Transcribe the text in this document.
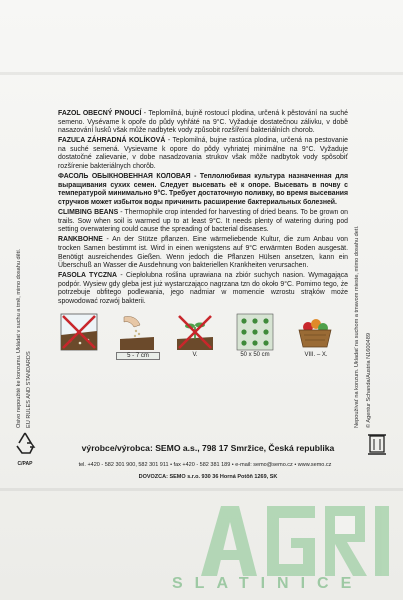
Osivo nepoužité ke konzumu. Ukládat v suchu a tmě, mimo dosahu dětí. EU RULES AND STANDARDS	Nepoužívať na konzum. Ukladať na suchom a tmavom mieste, mimo dosahu detí. © Agentur Schanda/Austria N1600489
FAZOL OBECNÝ PNOUCÍ - Teplomilná, bujně rostoucí plodina, určená k pěstování na suché semeno. Vysévame k opoře do půdy vyhřáté na 9°C. Vyžaduje dostatečnou zálivku, v době nasazování lusků však může nadbytek vody způsobit rozšíření bakteriálních chorob.
FAZUĽA ZÁHRADNÁ KOLÍKOVÁ - Teplomilná, bujne rastúca plodina, určená na pestovanie na suché semená. Vysievame k opore do pôdy vyhriatej minimálne na 9°C. Vyžaduje dostatočné zalievanie, v dobe nasadzovania strukov však môže nadbytok vody spôsobiť rozšírenie bakteriálnych chorôb.
ФАСОЛЬ ОБЫКНОВЕННАЯ КОЛОВАЯ - Теплолюбивая культура назначенная для выращивания сухих семен. Следует высевать её к опоре. Высевать в почву с температурой минимально 9°C. Требует достаточную поливку, во время высевания стручков может избыток воды причинить расширение бактериальных болезней.
CLIMBING BEANS - Thermophile crop intended for harvesting of dried beans. To be grown on trails. Sow when soil is warmed up to at least 9°C. It needs plenty of watering during pod setting overwatering could cause the spreading of bacterial diseases.
RANKBOHNE - An der Stütze pflanzen. Eine wärmeliebende Kultur, die zum Anbau von trocken Samen bestimmt ist. Wird in einen wenigstens auf 9°C erwärmten Boden ausgesät. Benötigt ausreichendes Gießen. Wenn jedoch die Pflanzen Hülsen ansetzen, kann ein Überschuß an Wasser die Ausdehnung von bakteriellen Krankheiten verursachen.
FASOLA TYCZNA - Ciepłolubna roślina uprawiana na zbiór suchych nasion. Wymagająca podpór. Wysiew gdy gleba jest już wystarczająco nagrzana tzn do około 9°C. Pomimo tego, że potrzebuje obfitego podlewania, jego nadmiar w momencie wzrostu strąków może spowodować rozwój bakterii.
5 - 7 cm	V.	50 x 50 cm	VIII. – X.
C/PAP
výrobce/výrobca: SEMO a.s., 798 17 Smržice, Česká republika
tel. +420 - 582 301 900, 582 301 911 • fax +420 - 582 381 189 • e-mail: semo@semo.cz • www.semo.cz
DOVOZCA: SEMO s.r.o. 930 36 Horná Potôň 1269, SK
AGRI
SLATINICE
